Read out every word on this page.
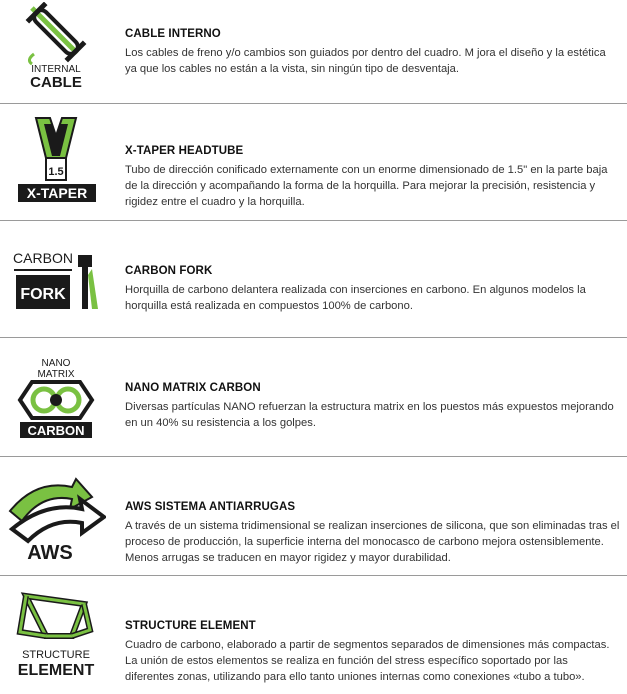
INTERNAL
CABLE
CABLE INTERNO

Los cables de freno y/o cambios son guiados por dentro del cuadro. M jora el diseño y la estética ya que los cables no están a la vista, sin ningún tipo de desventaja.

1.5
X-TAPER
X-TAPER HEADTUBE

Tubo de dirección conificado externamente con un enorme dimensionado de 1.5" en la parte baja de la dirección y acompañando la forma de la horquilla. Para mejorar la precisión, resistencia y rigidez entre el cuadro y la horquilla.

CARBON
FORK
CARBON FORK

Horquilla de carbono delantera realizada con inserciones en carbono. En algunos modelos la horquilla está realizada en compuestos 100% de carbono.

NANO
MATRIX
CARBON
NANO MATRIX CARBON

Diversas partículas NANO refuerzan la estructura matrix en los puestos más expuestos mejorando en un 40% su resistencia a los golpes.

AWS
AWS SISTEMA ANTIARRUGAS

A través de un sistema tridimensional se realizan inserciones de silicona, que son eliminadas tras el proceso de producción, la superficie interna del monocasco de carbono mejora ostensiblemente. Menos arrugas se traducen en mayor rigidez y mayor durabilidad.

STRUCTURE
ELEMENT
STRUCTURE ELEMENT

Cuadro de carbono, elaborado a partir de segmentos separados de dimensiones más compactas. La unión de estos elementos se realiza en función del stress específico soportado por las diferentes zonas, utilizando para ello tanto uniones internas como conexiones «tubo a tubo».
